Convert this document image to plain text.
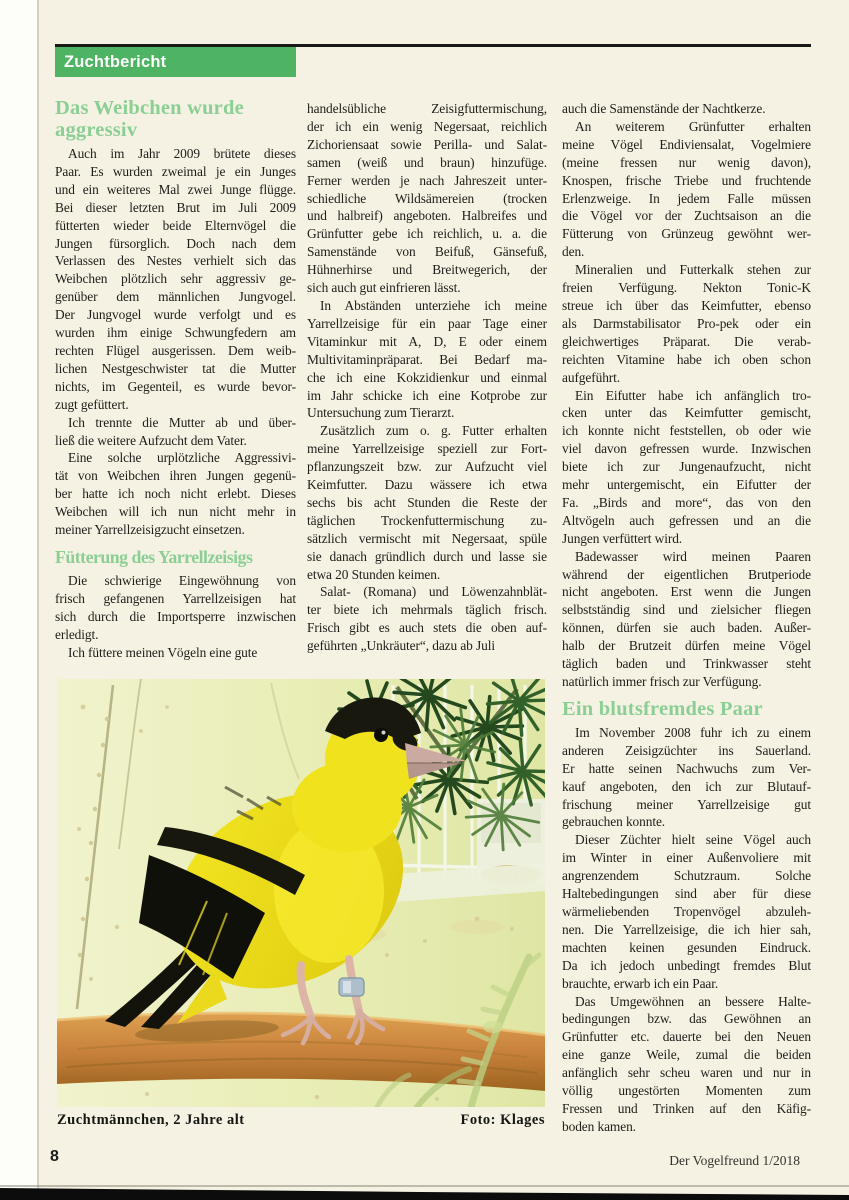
Zuchtbericht
Das Weibchen wurde
aggressiv
Auch im Jahr 2009 brütete dieses
Paar. Es wurden zweimal je ein Junges
und ein weiteres Mal zwei Junge flügge.
Bei dieser letzten Brut im Juli 2009
fütterten wieder beide Elternvögel die
Jungen fürsorglich. Doch nach dem
Verlassen des Nestes verhielt sich das
Weibchen plötzlich sehr aggressiv ge-
genüber dem männlichen Jungvogel.
Der Jungvogel wurde verfolgt und es
wurden ihm einige Schwungfedern am
rechten Flügel ausgerissen. Dem weib-
lichen Nestgeschwister tat die Mutter
nichts, im Gegenteil, es wurde bevor-
zugt gefüttert.
Ich trennte die Mutter ab und über-
ließ die weitere Aufzucht dem Vater.
Eine solche urplötzliche Aggressivi-
tät von Weibchen ihren Jungen gegenü-
ber hatte ich noch nicht erlebt. Dieses
Weibchen will ich nun nicht mehr in
meiner Yarrellzeisigzucht einsetzen.
Fütterung des Yarrellzeisigs
Die schwierige Eingewöhnung von
frisch gefangenen Yarrellzeisigen hat
sich durch die Importsperre inzwischen
erledigt.
Ich füttere meinen Vögeln eine gute
handelsübliche Zeisigfuttermischung,
der ich ein wenig Negersaat, reichlich
Zichoriensaat sowie Perilla- und Salat-
samen (weiß und braun) hinzufüge.
Ferner werden je nach Jahreszeit unter-
schiedliche Wildsämereien (trocken
und halbreif) angeboten. Halbreifes und
Grünfutter gebe ich reichlich, u. a. die
Samenstände von Beifuß, Gänsefuß,
Hühnerhirse und Breitwegerich, der
sich auch gut einfrieren lässt.
In Abständen unterziehe ich meine
Yarrellzeisige für ein paar Tage einer
Vitaminkur mit A, D, E oder einem
Multivitaminpräparat. Bei Bedarf ma-
che ich eine Kokzidienkur und einmal
im Jahr schicke ich eine Kotprobe zur
Untersuchung zum Tierarzt.
Zusätzlich zum o. g. Futter erhalten
meine Yarrellzeisige speziell zur Fort-
pflanzungszeit bzw. zur Aufzucht viel
Keimfutter. Dazu wässere ich etwa
sechs bis acht Stunden die Reste der
täglichen Trockenfuttermischung zu-
sätzlich vermischt mit Negersaat, spüle
sie danach gründlich durch und lasse sie
etwa 20 Stunden keimen.
Salat- (Romana) und Löwenzahnblät-
ter biete ich mehrmals täglich frisch.
Frisch gibt es auch stets die oben auf-
geführten „Unkräuter“, dazu ab Juli
auch die Samenstände der Nachtkerze.
An weiterem Grünfutter erhalten
meine Vögel Endiviensalat, Vogelmiere
(meine fressen nur wenig davon),
Knospen, frische Triebe und fruchtende
Erlenzweige. In jedem Falle müssen
die Vögel vor der Zuchtsaison an die
Fütterung von Grünzeug gewöhnt wer-
den.
Mineralien und Futterkalk stehen zur
freien Verfügung. Nekton Tonic-K
streue ich über das Keimfutter, ebenso
als Darmstabilisator Pro-pek oder ein
gleichwertiges Präparat. Die verab-
reichten Vitamine habe ich oben schon
aufgeführt.
Ein Eifutter habe ich anfänglich tro-
cken unter das Keimfutter gemischt,
ich konnte nicht feststellen, ob oder wie
viel davon gefressen wurde. Inzwischen
biete ich zur Jungenaufzucht, nicht
mehr untergemischt, ein Eifutter der
Fa. „Birds and more“, das von den
Altvögeln auch gefressen und an die
Jungen verfüttert wird.
Badewasser wird meinen Paaren
während der eigentlichen Brutperiode
nicht angeboten. Erst wenn die Jungen
selbstständig sind und zielsicher fliegen
können, dürfen sie auch baden. Außer-
halb der Brutzeit dürfen meine Vögel
täglich baden und Trinkwasser steht
natürlich immer frisch zur Verfügung.
Ein blutsfremdes Paar
Im November 2008 fuhr ich zu einem
anderen Zeisigzüchter ins Sauerland.
Er hatte seinen Nachwuchs zum Ver-
kauf angeboten, den ich zur Blutauf-
frischung meiner Yarrellzeisige gut
gebrauchen konnte.
Dieser Züchter hielt seine Vögel auch
im Winter in einer Außenvoliere mit
angrenzendem Schutzraum. Solche
Haltebedingungen sind aber für diese
wärmeliebenden Tropenvögel abzuleh-
nen. Die Yarrellzeisige, die ich hier sah,
machten keinen gesunden Eindruck.
Da ich jedoch unbedingt fremdes Blut
brauchte, erwarb ich ein Paar.
Das Umgewöhnen an bessere Halte-
bedingungen bzw. das Gewöhnen an
Grünfutter etc. dauerte bei den Neuen
eine ganze Weile, zumal die beiden
anfänglich sehr scheu waren und nur in
völlig ungestörten Momenten zum
Fressen und Trinken auf den Käfig-
boden kamen.
Zuchtmännchen, 2 Jahre alt	Foto: Klages
8	Der Vogelfreund 1/2018
